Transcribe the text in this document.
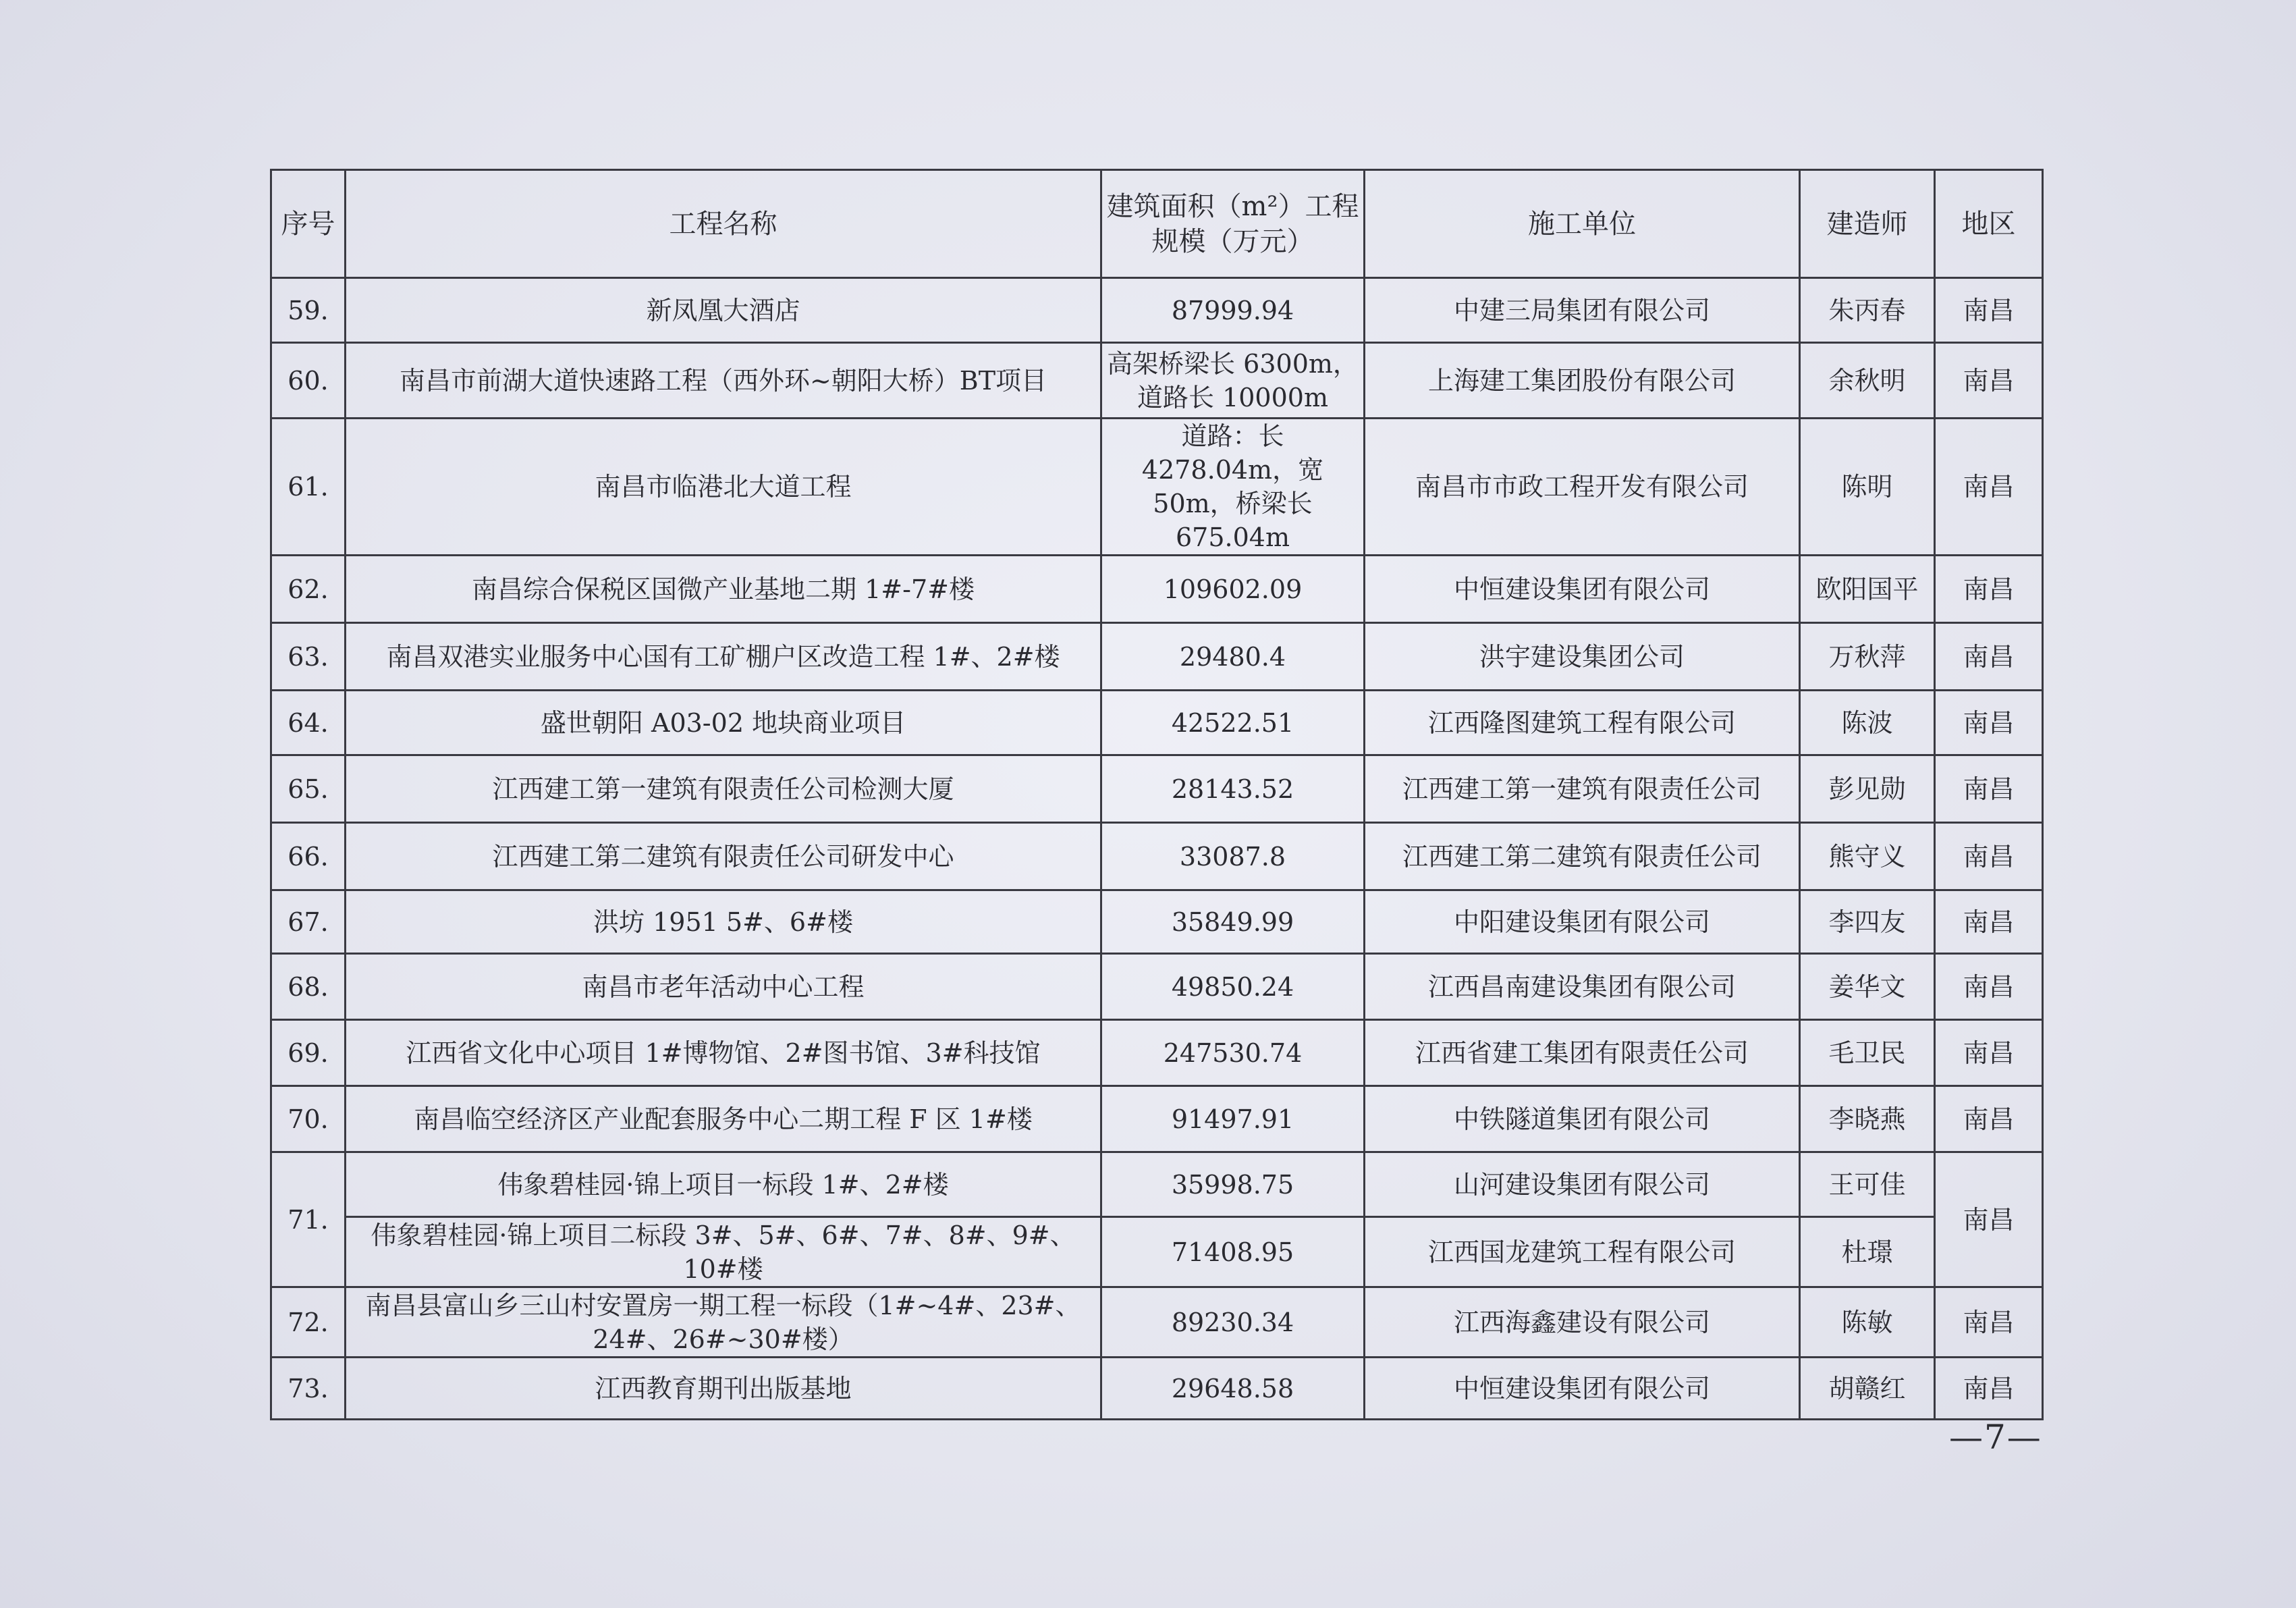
序号	工程名称	建筑面积（m²）工程规模（万元）	施工单位	建造师	地区
59.	新凤凰大酒店	87999.94	中建三局集团有限公司	朱丙春	南昌
60.	南昌市前湖大道快速路工程（西外环~朝阳大桥）BT项目	高架桥梁长 6300m，道路长 10000m	上海建工集团股份有限公司	余秋明	南昌
61.	南昌市临港北大道工程	道路：长 4278.04m，宽 50m，桥梁长 675.04m	南昌市市政工程开发有限公司	陈明	南昌
62.	南昌综合保税区国微产业基地二期 1#-7#楼	109602.09	中恒建设集团有限公司	欧阳国平	南昌
63.	南昌双港实业服务中心国有工矿棚户区改造工程 1#、2#楼	29480.4	洪宇建设集团公司	万秋萍	南昌
64.	盛世朝阳 A03-02 地块商业项目	42522.51	江西隆图建筑工程有限公司	陈波	南昌
65.	江西建工第一建筑有限责任公司检测大厦	28143.52	江西建工第一建筑有限责任公司	彭见勋	南昌
66.	江西建工第二建筑有限责任公司研发中心	33087.8	江西建工第二建筑有限责任公司	熊守义	南昌
67.	洪坊 1951 5#、6#楼	35849.99	中阳建设集团有限公司	李四友	南昌
68.	南昌市老年活动中心工程	49850.24	江西昌南建设集团有限公司	姜华文	南昌
69.	江西省文化中心项目 1#博物馆、2#图书馆、3#科技馆	247530.74	江西省建工集团有限责任公司	毛卫民	南昌
70.	南昌临空经济区产业配套服务中心二期工程 F 区 1#楼	91497.91	中铁隧道集团有限公司	李晓燕	南昌
71.	伟象碧桂园·锦上项目一标段 1#、2#楼	35998.75	山河建设集团有限公司	王可佳	南昌
	伟象碧桂园·锦上项目二标段 3#、5#、6#、7#、8#、9#、10#楼	71408.95	江西国龙建筑工程有限公司	杜璟	
72.	南昌县富山乡三山村安置房一期工程一标段（1#~4#、23#、24#、26#~30#楼）	89230.34	江西海鑫建设有限公司	陈敏	南昌
73.	江西教育期刊出版基地	29648.58	中恒建设集团有限公司	胡赣红	南昌
—7—
